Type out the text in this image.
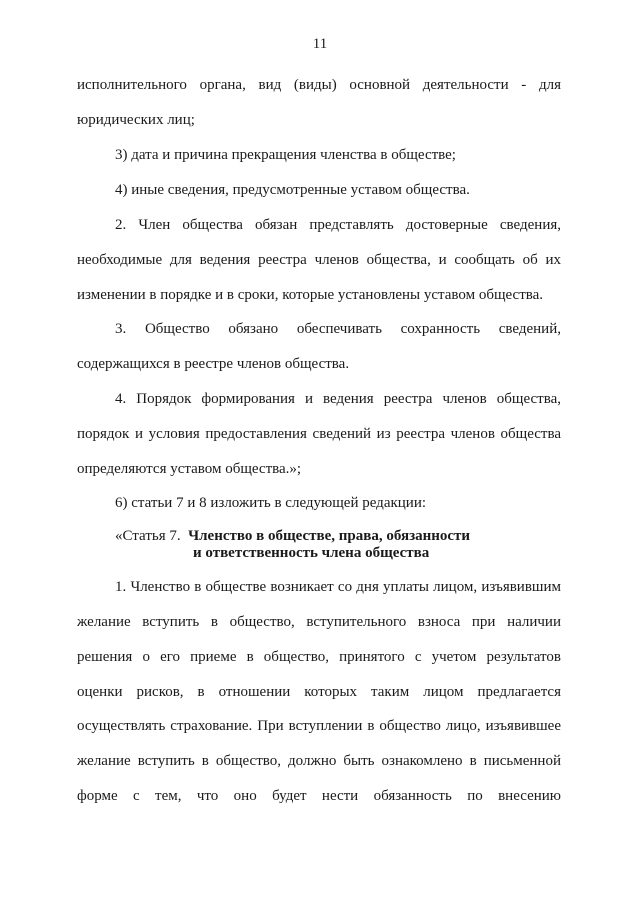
11
исполнительного органа, вид (виды) основной деятельности - для
юридических лиц;
3) дата и причина прекращения членства в обществе;
4) иные сведения, предусмотренные уставом общества.
2. Член общества обязан представлять достоверные сведения,
необходимые для ведения реестра членов общества, и сообщать об их
изменении в порядке и в сроки, которые установлены уставом общества.
3. Общество обязано обеспечивать сохранность сведений,
содержащихся в реестре членов общества.
4. Порядок формирования и ведения реестра членов общества,
порядок и условия предоставления сведений из реестра членов общества
определяются уставом общества.»;
6) статьи 7 и 8 изложить в следующей редакции:
«Статья 7. Членство в обществе, права, обязанности
и ответственность члена общества
1. Членство в обществе возникает со дня уплаты лицом, изъявившим
желание вступить в общество, вступительного взноса при наличии
решения о его приеме в общество, принятого с учетом результатов
оценки рисков, в отношении которых таким лицом предлагается
осуществлять страхование. При вступлении в общество лицо, изъявившее
желание вступить в общество, должно быть ознакомлено в письменной
форме с тем, что оно будет нести обязанность по внесению
